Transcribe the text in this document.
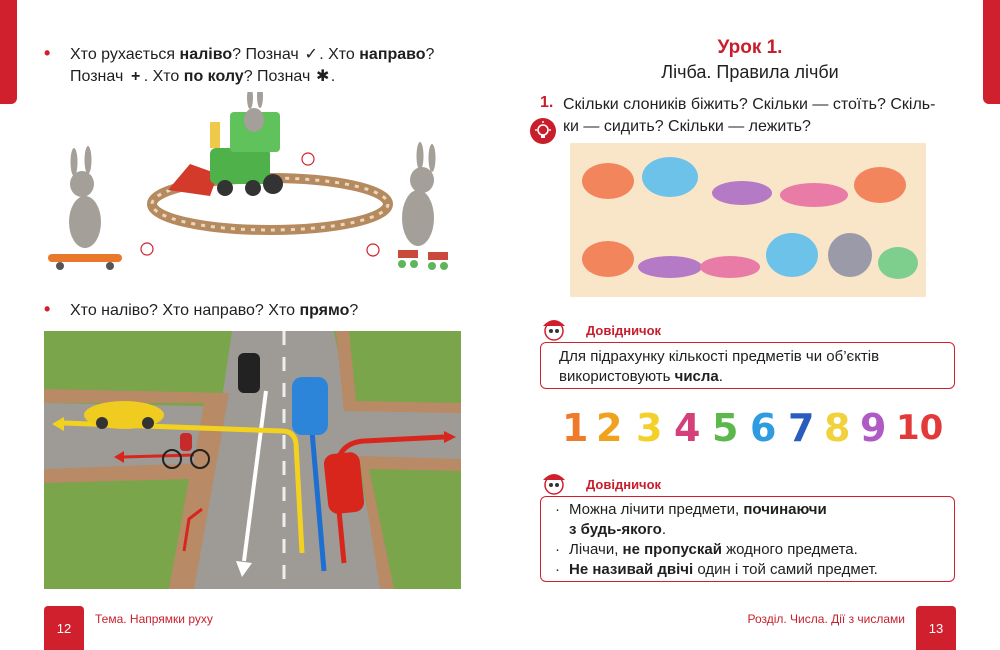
• Хто рухається наліво? Познач ✓. Хто направо?
Познач + . Хто по колу? Познач ✱.
• Хто наліво? Хто направо? Хто прямо?
12
Тема. Напрямки руху
Урок 1.
Лічба. Правила лічби
1. Скільки слоників біжить? Скільки — стоїть? Скіль-
ки — сидить? Скільки — лежить?
Довідничок
Для підрахунку кількості предметів чи об’єктів
використовують числа.
1 2 3 4 5 6 7 8 9 10
Довідничок
· Можна лічити предмети, починаючи
з будь-якого.
· Лічачи, не пропускай жодного предмета.
· Не називай двічі один і той самий предмет.
Розділ. Числа. Дії з числами
13
